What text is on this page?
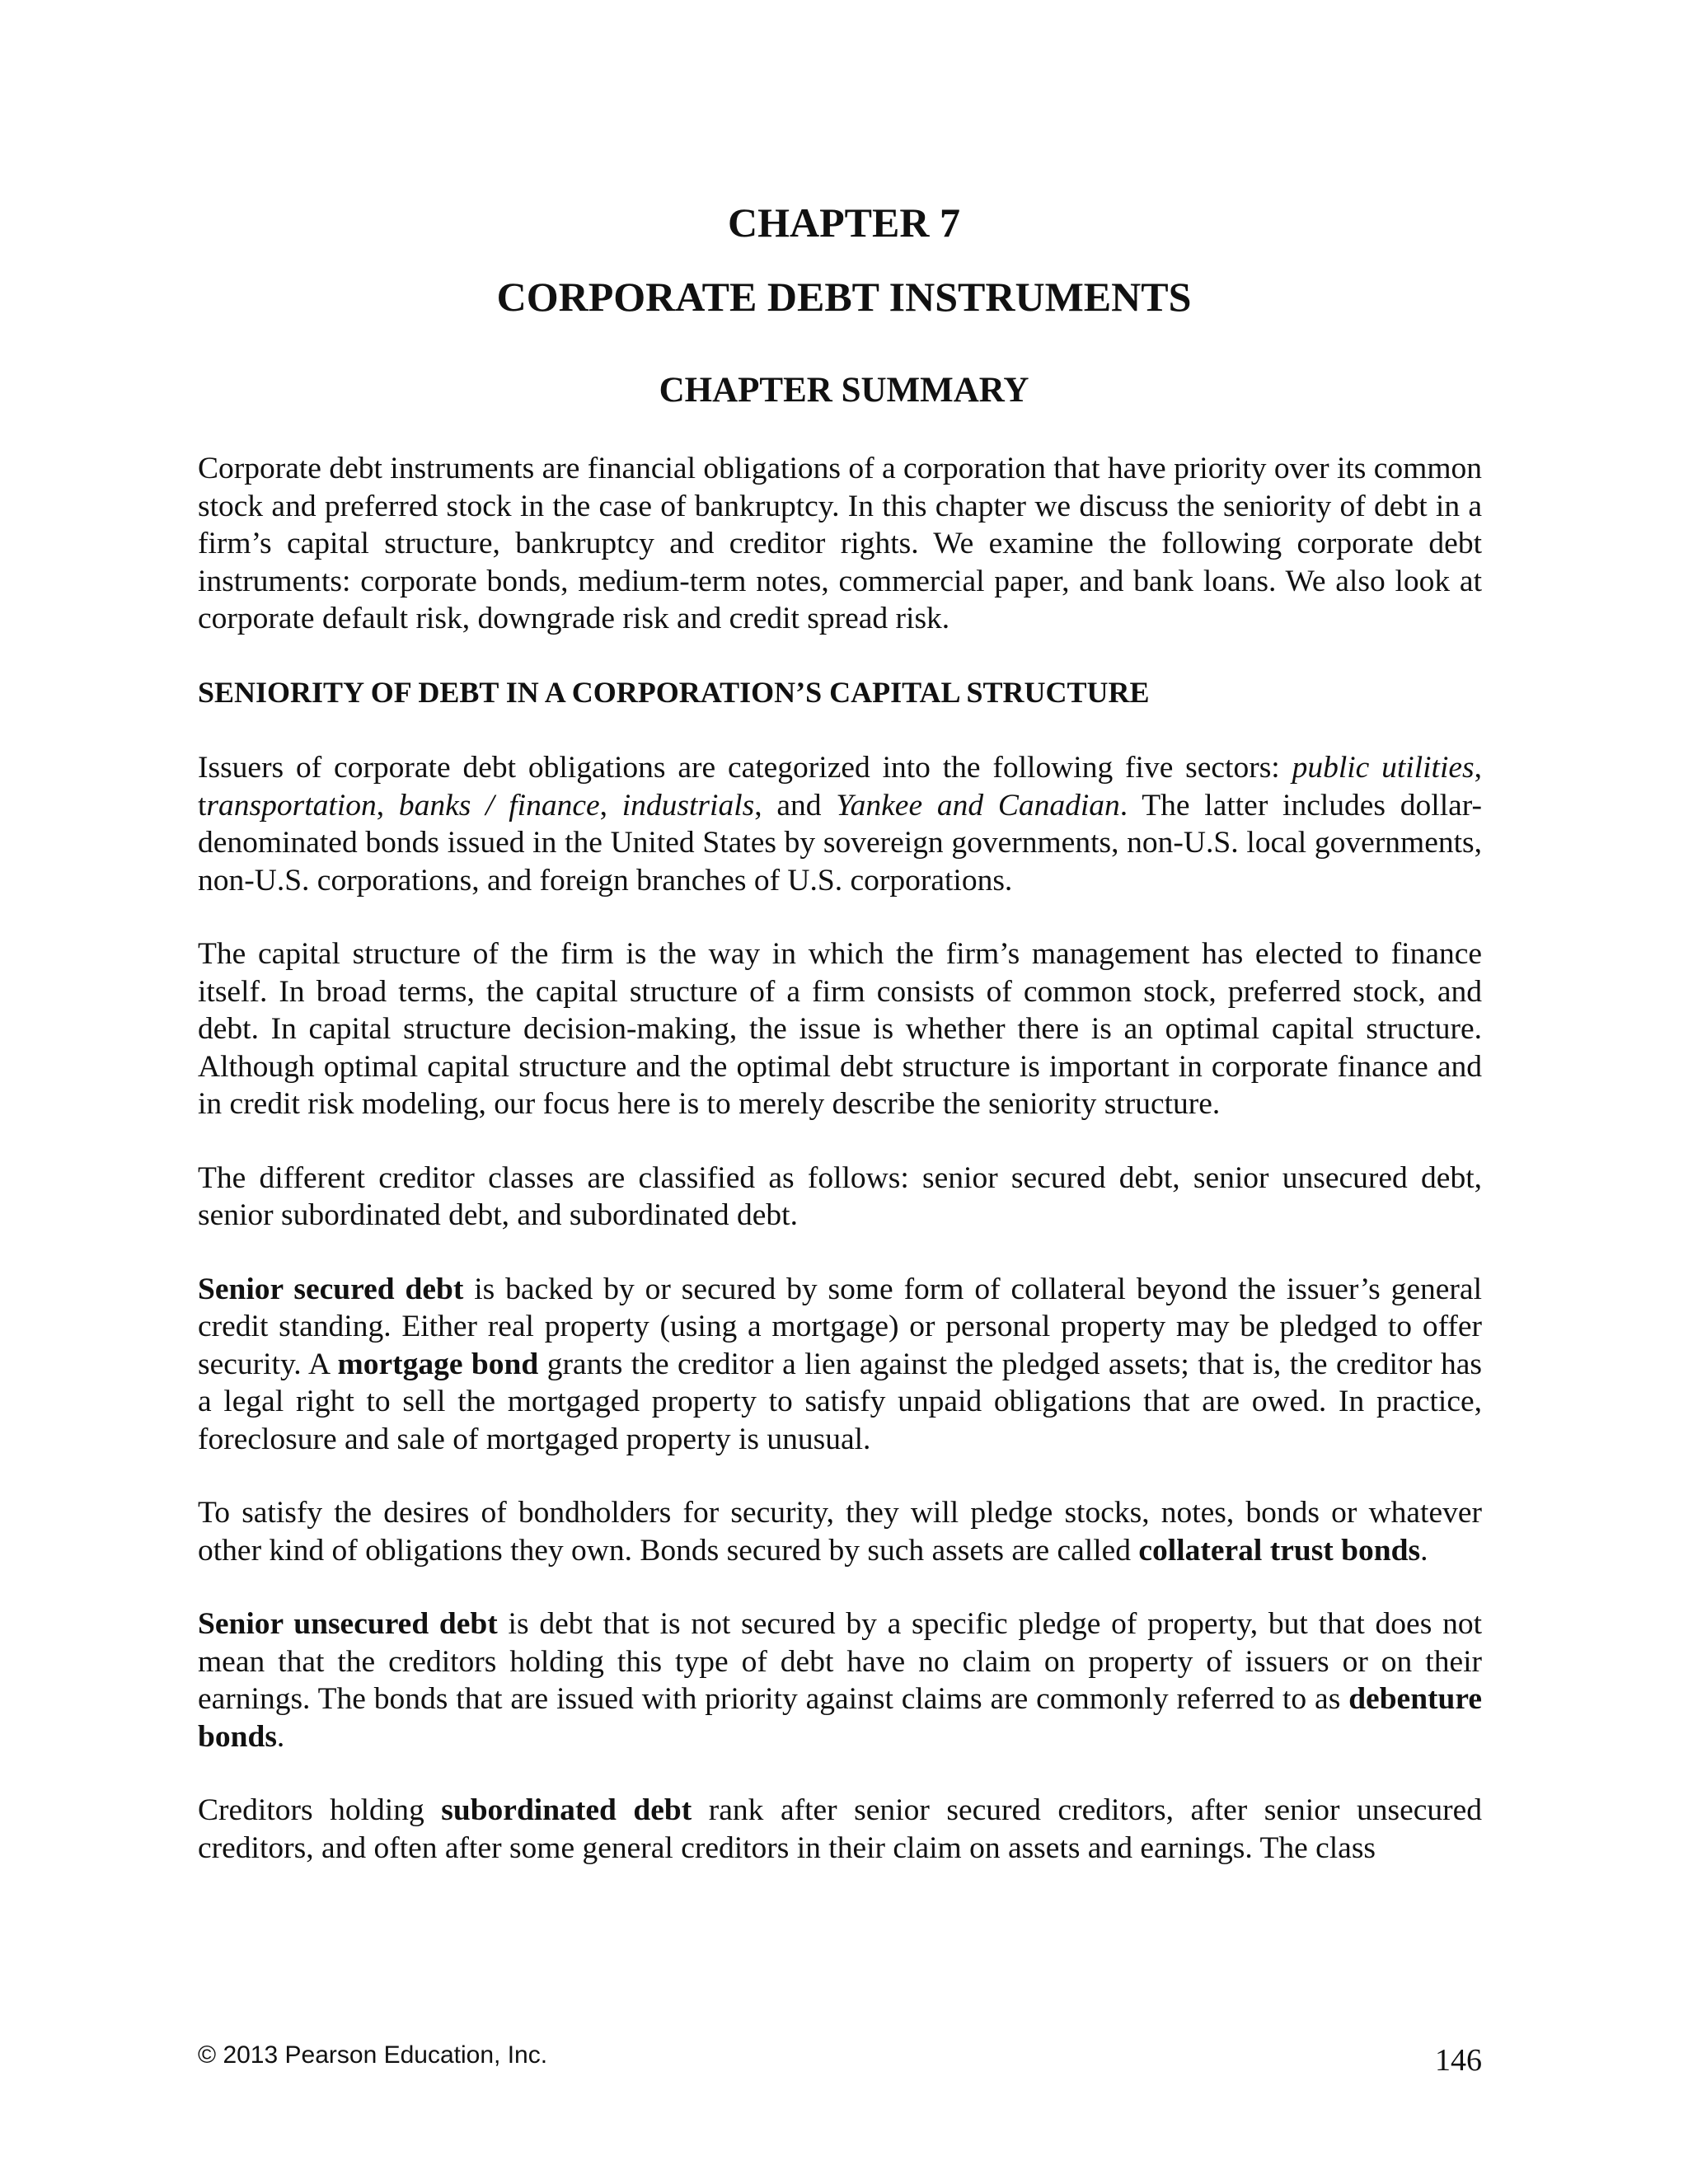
CHAPTER 7
CORPORATE DEBT INSTRUMENTS
CHAPTER SUMMARY

Corporate debt instruments are financial obligations of a corporation that have priority over its common stock and preferred stock in the case of bankruptcy. In this chapter we discuss the seniority of debt in a firm’s capital structure, bankruptcy and creditor rights. We examine the following corporate debt instruments: corporate bonds, medium-term notes, commercial paper, and bank loans. We also look at corporate default risk, downgrade risk and credit spread risk.

SENIORITY OF DEBT IN A CORPORATION’S CAPITAL STRUCTURE

Issuers of corporate debt obligations are categorized into the following five sectors: public utilities, transportation, banks / finance, industrials, and Yankee and Canadian. The latter includes dollar-denominated bonds issued in the United States by sovereign governments, non-U.S. local governments, non-U.S. corporations, and foreign branches of U.S. corporations.

The capital structure of the firm is the way in which the firm’s management has elected to finance itself. In broad terms, the capital structure of a firm consists of common stock, preferred stock, and debt. In capital structure decision-making, the issue is whether there is an optimal capital structure. Although optimal capital structure and the optimal debt structure is important in corporate finance and in credit risk modeling, our focus here is to merely describe the seniority structure.

The different creditor classes are classified as follows: senior secured debt, senior unsecured debt, senior subordinated debt, and subordinated debt.

Senior secured debt is backed by or secured by some form of collateral beyond the issuer’s general credit standing. Either real property (using a mortgage) or personal property may be pledged to offer security. A mortgage bond grants the creditor a lien against the pledged assets; that is, the creditor has a legal right to sell the mortgaged property to satisfy unpaid obligations that are owed. In practice, foreclosure and sale of mortgaged property is unusual.

To satisfy the desires of bondholders for security, they will pledge stocks, notes, bonds or whatever other kind of obligations they own. Bonds secured by such assets are called collateral trust bonds.

Senior unsecured debt is debt that is not secured by a specific pledge of property, but that does not mean that the creditors holding this type of debt have no claim on property of issuers or on their earnings. The bonds that are issued with priority against claims are commonly referred to as debenture bonds.

Creditors holding subordinated debt rank after senior secured creditors, after senior unsecured creditors, and often after some general creditors in their claim on assets and earnings. The class

© 2013 Pearson Education, Inc.	146
